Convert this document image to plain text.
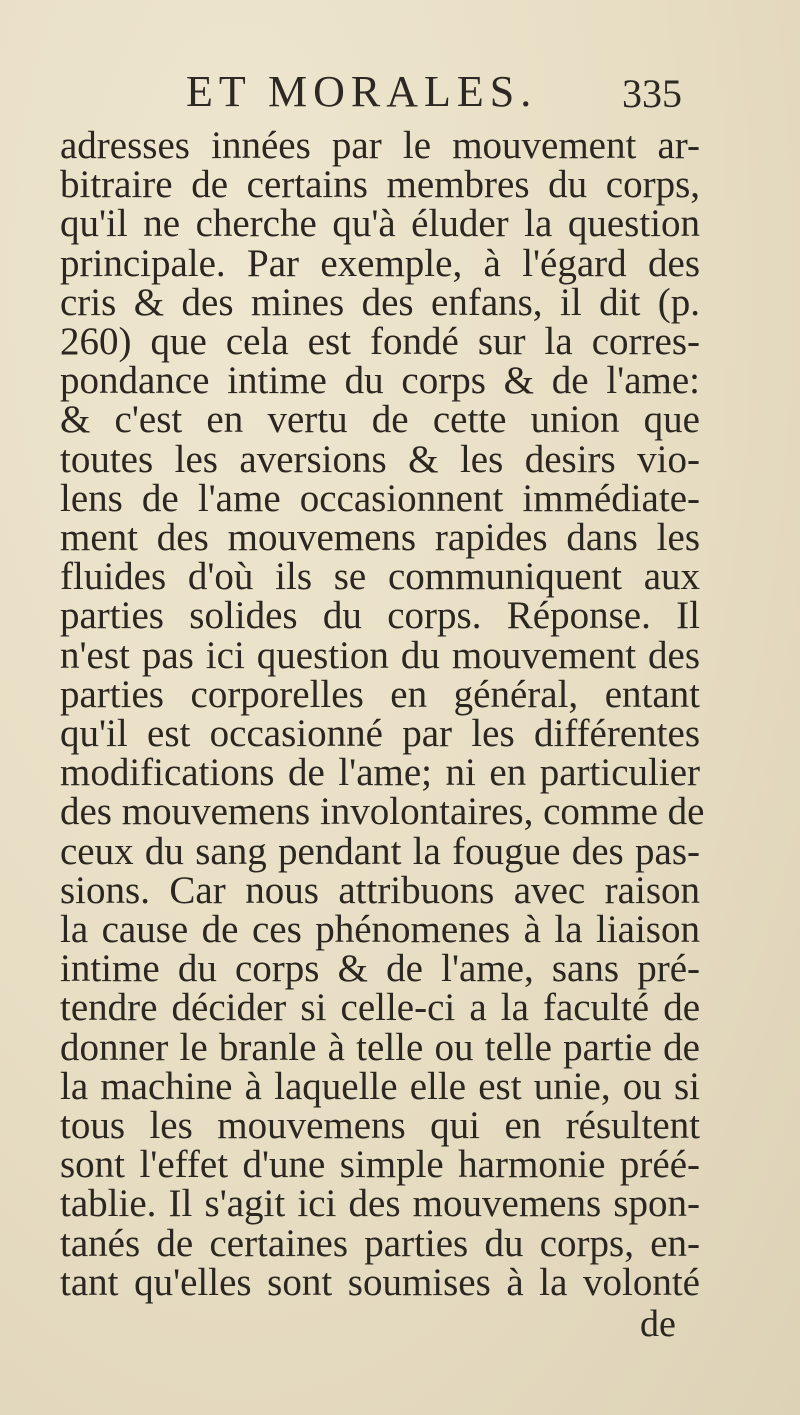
ET MORALES. 335
adresses innées par le mouvement ar-
bitraire de certains membres du corps,
qu'il ne cherche qu'à éluder la question
principale. Par exemple, à l'égard des
cris & des mines des enfans, il dit (p.
260) que cela est fondé sur la corres-
pondance intime du corps & de l'ame:
& c'est en vertu de cette union que
toutes les aversions & les desirs vio-
lens de l'ame occasionnent immédiate-
ment des mouvemens rapides dans les
fluides d'où ils se communiquent aux
parties solides du corps. Réponse. Il
n'est pas ici question du mouvement des
parties corporelles en général, entant
qu'il est occasionné par les différentes
modifications de l'ame; ni en particulier
des mouvemens involontaires, comme de
ceux du sang pendant la fougue des pas-
sions. Car nous attribuons avec raison
la cause de ces phénomenes à la liaison
intime du corps & de l'ame, sans pré-
tendre décider si celle-ci a la faculté de
donner le branle à telle ou telle partie de
la machine à laquelle elle est unie, ou si
tous les mouvemens qui en résultent
sont l'effet d'une simple harmonie préé-
tablie. Il s'agit ici des mouvemens spon-
tanés de certaines parties du corps, en-
tant qu'elles sont soumises à la volonté
de
